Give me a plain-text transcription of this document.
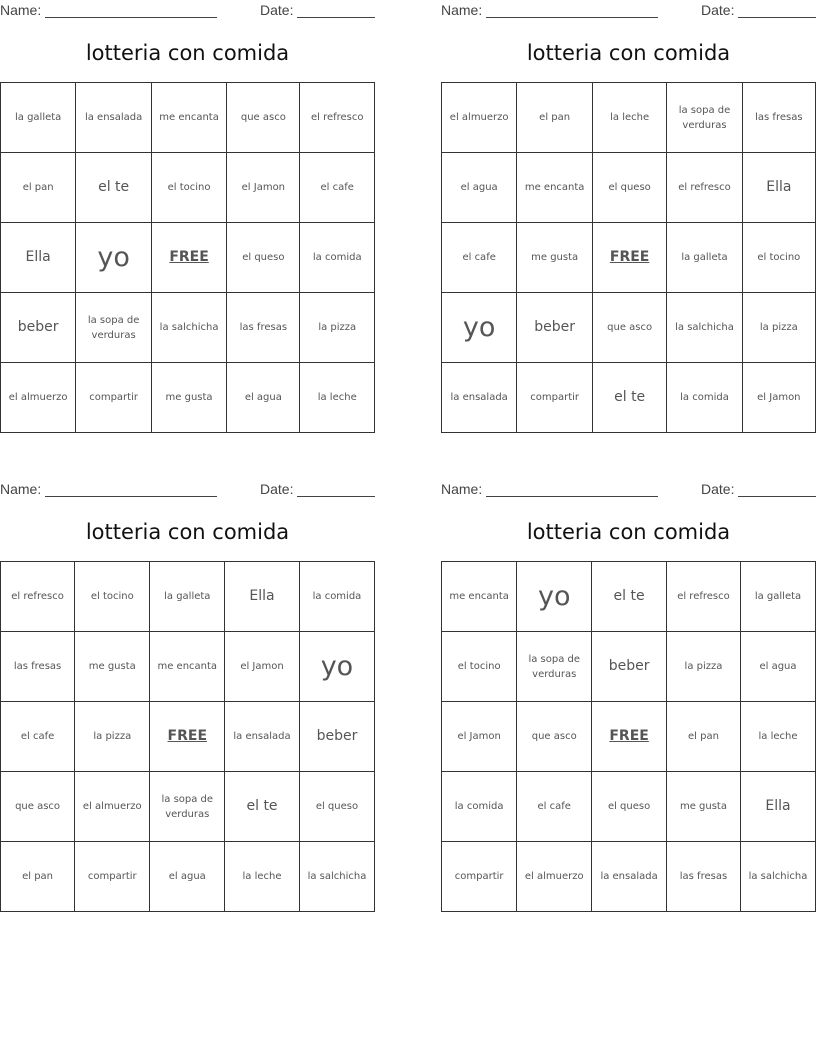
Name:	Date:
lotteria con comida
la galleta	la ensalada	me encanta	que asco	el refresco
el pan	el te	el tocino	el Jamon	el cafe
Ella	yo	FREE	el queso	la comida
beber	la sopa de verduras	la salchicha	las fresas	la pizza
el almuerzo	compartir	me gusta	el agua	la leche
Name:	Date:
lotteria con comida
el almuerzo	el pan	la leche	la sopa de verduras	las fresas
el agua	me encanta	el queso	el refresco	Ella
el cafe	me gusta	FREE	la galleta	el tocino
yo	beber	que asco	la salchicha	la pizza
la ensalada	compartir	el te	la comida	el Jamon
Name:	Date:
lotteria con comida
el refresco	el tocino	la galleta	Ella	la comida
las fresas	me gusta	me encanta	el Jamon	yo
el cafe	la pizza	FREE	la ensalada	beber
que asco	el almuerzo	la sopa de verduras	el te	el queso
el pan	compartir	el agua	la leche	la salchicha
Name:	Date:
lotteria con comida
me encanta	yo	el te	el refresco	la galleta
el tocino	la sopa de verduras	beber	la pizza	el agua
el Jamon	que asco	FREE	el pan	la leche
la comida	el cafe	el queso	me gusta	Ella
compartir	el almuerzo	la ensalada	las fresas	la salchicha
